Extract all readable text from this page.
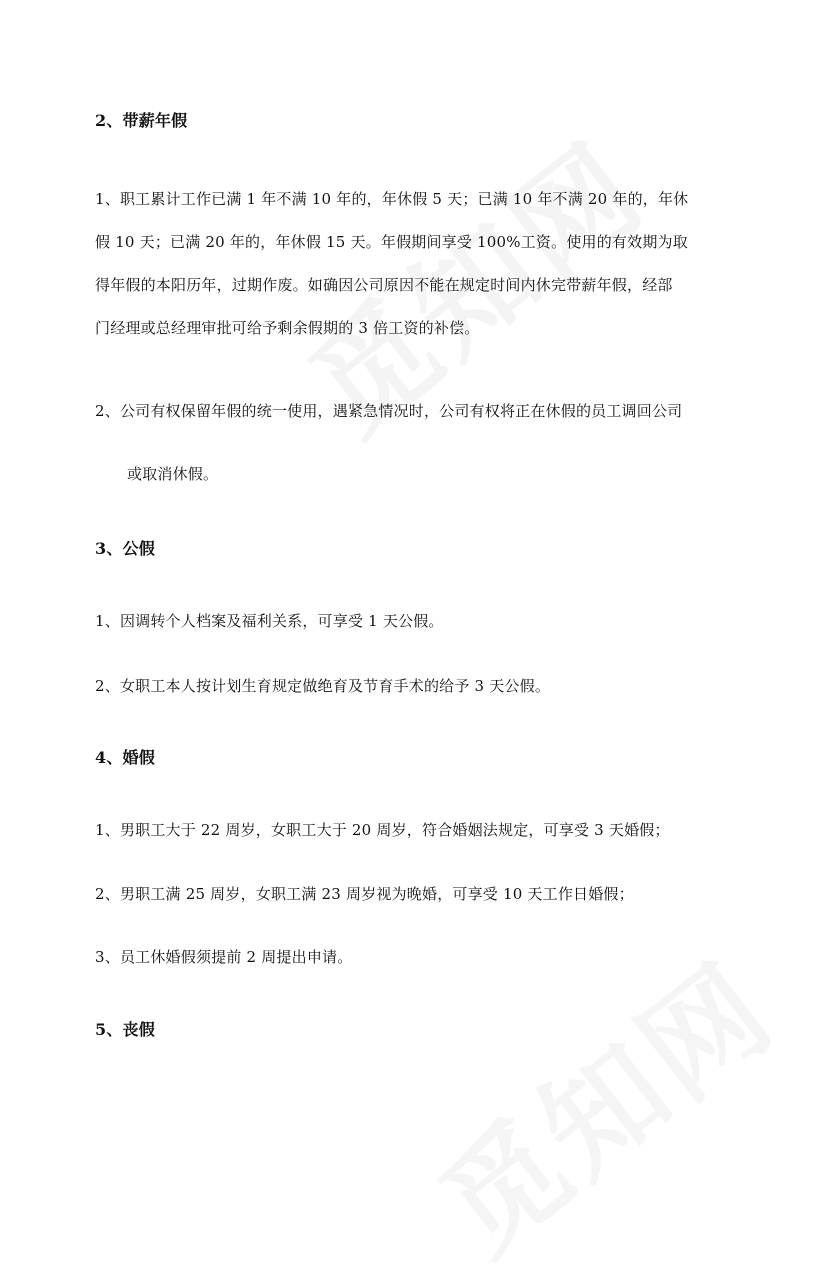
2、带薪年假
1、职工累计工作已满 1 年不满 10 年的，年休假 5 天；已满 10 年不满 20 年的，年休
假 10 天；已满 20 年的，年休假 15 天。年假期间享受 100%工资。使用的有效期为取
得年假的本阳历年，过期作废。如确因公司原因不能在规定时间内休完带薪年假，经部
门经理或总经理审批可给予剩余假期的 3 倍工资的补偿。
2、公司有权保留年假的统一使用，遇紧急情况时，公司有权将正在休假的员工调回公司
或取消休假。
3、公假
1、因调转个人档案及福利关系，可享受 1 天公假。
2、女职工本人按计划生育规定做绝育及节育手术的给予 3 天公假。
4、婚假
1、男职工大于 22 周岁，女职工大于 20 周岁，符合婚姻法规定，可享受 3 天婚假；
2、男职工满 25 周岁，女职工满 23 周岁视为晚婚，可享受 10 天工作日婚假；
3、员工休婚假须提前 2 周提出申请。
5、丧假
